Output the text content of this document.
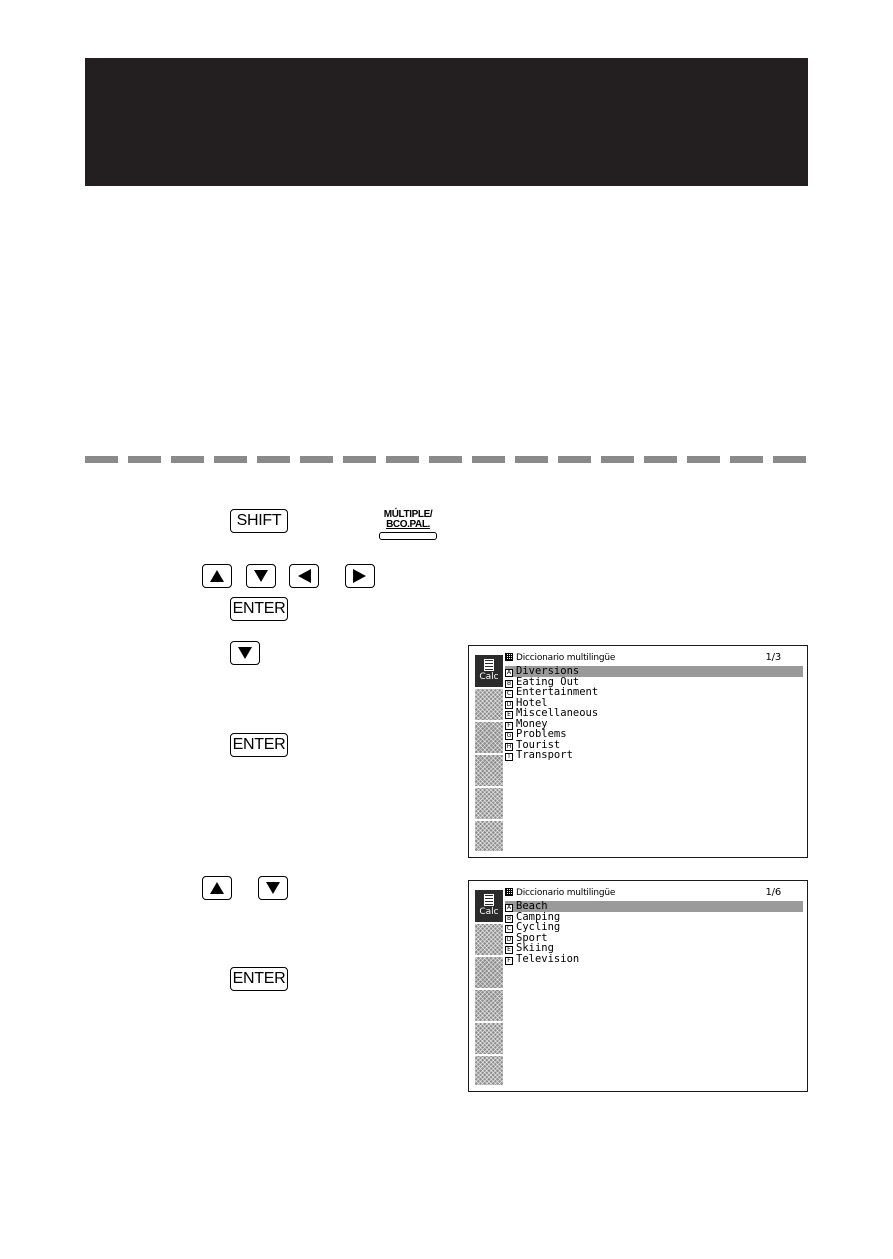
SHIFT	MÚLTIPLE/
BCO.PAL.
ENTER
ENTER
ENTER
Calc
Diccionario multilingüe	1/3
A Diversions
B Eating Out
C Entertainment
D Hotel
E Miscellaneous
F Money
G Problems
H Tourist
I Transport
Calc
Diccionario multilingüe	1/6
A Beach
B Camping
C Cycling
D Sport
E Skiing
F Television
